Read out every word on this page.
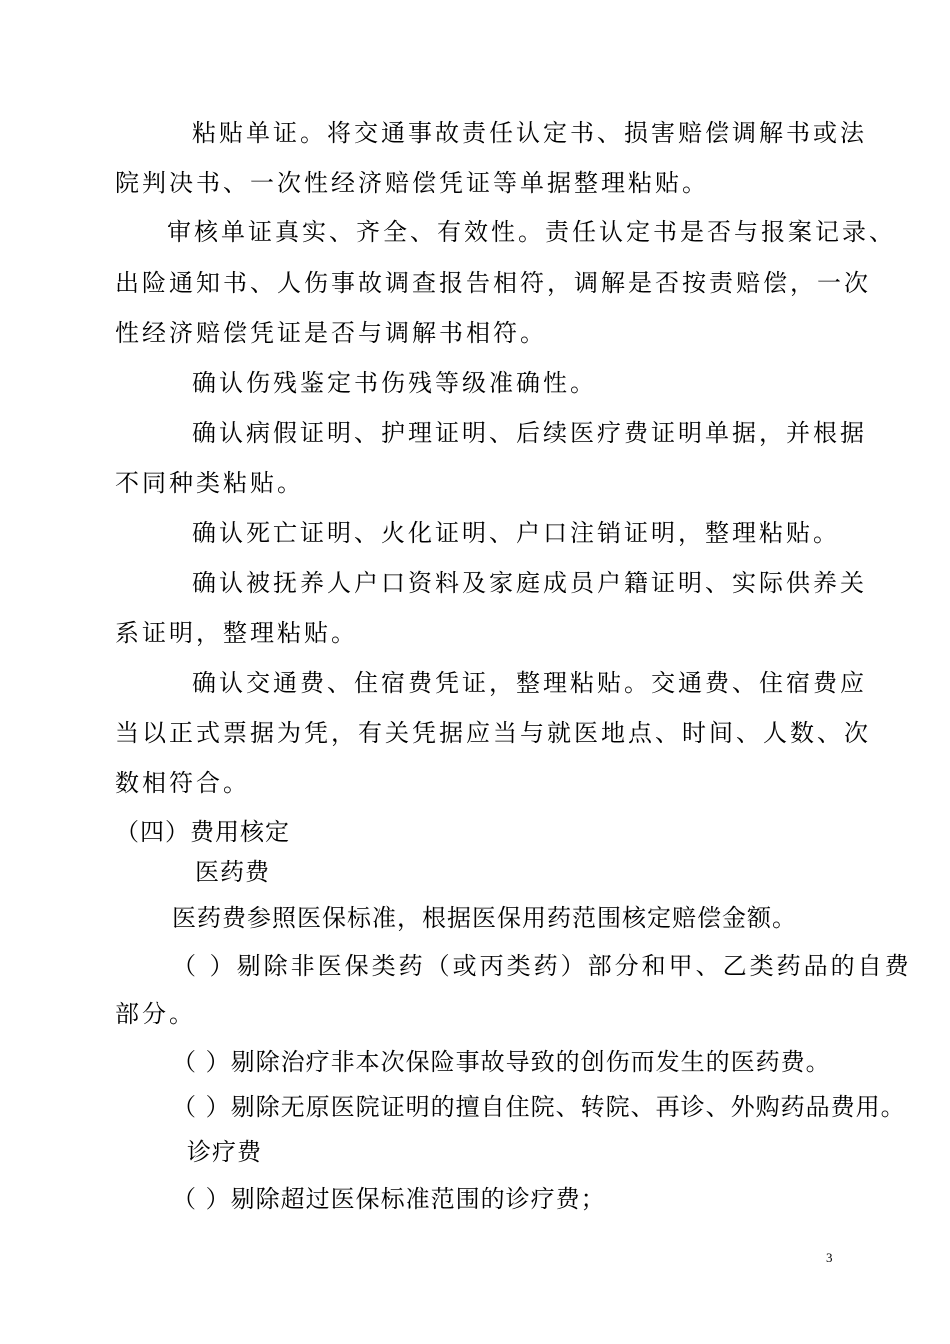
粘贴单证。将交通事故责任认定书、损害赔偿调解书或法
院判决书、一次性经济赔偿凭证等单据整理粘贴。
审核单证真实、齐全、有效性。责任认定书是否与报案记录、
出险通知书、人伤事故调查报告相符，调解是否按责赔偿，一次
性经济赔偿凭证是否与调解书相符。
确认伤残鉴定书伤残等级准确性。
确认病假证明、护理证明、后续医疗费证明单据，并根据
不同种类粘贴。
确认死亡证明、火化证明、户口注销证明，整理粘贴。
确认被抚养人户口资料及家庭成员户籍证明、实际供养关
系证明，整理粘贴。
确认交通费、住宿费凭证，整理粘贴。交通费、住宿费应
当以正式票据为凭，有关凭据应当与就医地点、时间、人数、次
数相符合。
（四）费用核定
医药费
医药费参照医保标准，根据医保用药范围核定赔偿金额。
（ ）剔除非医保类药（或丙类药）部分和甲、乙类药品的自费
部分。
（ ）剔除治疗非本次保险事故导致的创伤而发生的医药费。
（ ）剔除无原医院证明的擅自住院、转院、再诊、外购药品费用。
诊疗费
（ ）剔除超过医保标准范围的诊疗费；
3
